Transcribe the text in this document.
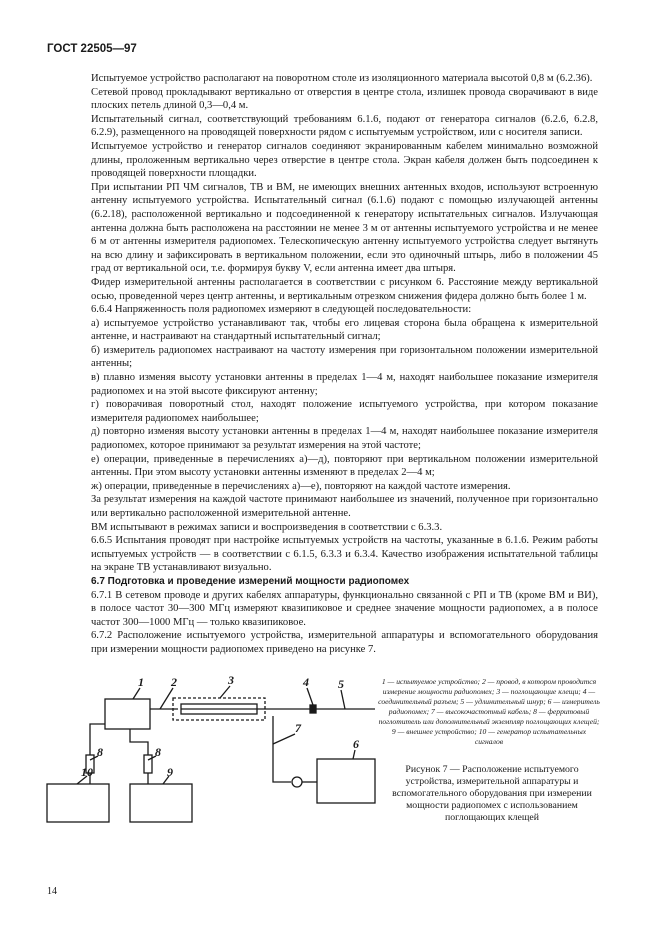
ГОСТ 22505—97

Испытуемое устройство располагают на поворотном столе из изоляционного материала высотой 0,8 м (6.2.36).

Сетевой провод прокладывают вертикально от отверстия в центре стола, излишек провода сворачивают в виде плоских петель длиной 0,3—0,4 м.

Испытательный сигнал, соответствующий требованиям 6.1.6, подают от генератора сигналов (6.2.6, 6.2.8, 6.2.9), размещенного на проводящей поверхности рядом с испытуемым устройством, или с носителя записи.

Испытуемое устройство и генератор сигналов соединяют экранированным кабелем минимально возможной длины, проложенным вертикально через отверстие в центре стола. Экран кабеля должен быть подсоединен к проводящей поверхности площадки.

При испытании РП ЧМ сигналов, ТВ и ВМ, не имеющих внешних антенных входов, используют встроенную антенну испытуемого устройства. Испытательный сигнал (6.1.6) подают с помощью излучающей антенны (6.2.18), расположенной вертикально и подсоединенной к генератору испытательных сигналов. Излучающая антенна должна быть расположена на расстоянии не менее 3 м от антенны испытуемого устройства и не менее 6 м от антенны измерителя радиопомех. Телескопическую антенну испытуемого устройства следует вытянуть на всю длину и зафиксировать в вертикальном положении, если это одиночный штырь, либо в положении 45 град от вертикальной оси, т.е. формируя букву V, если антенна имеет два штыря.

Фидер измерительной антенны располагается в соответствии с рисунком 6. Расстояние между вертикальной осью, проведенной через центр антенны, и вертикальным отрезком снижения фидера должно быть более 1 м.

6.6.4 Напряженность поля радиопомех измеряют в следующей последовательности:

а) испытуемое устройство устанавливают так, чтобы его лицевая сторона была обращена к измерительной антенне, и настраивают на стандартный испытательный сигнал;

б) измеритель радиопомех настраивают на частоту измерения при горизонтальном положении измерительной антенны;

в) плавно изменяя высоту установки антенны в пределах 1—4 м, находят наибольшее показание измерителя радиопомех и на этой высоте фиксируют антенну;

г) поворачивая поворотный стол, находят положение испытуемого устройства, при котором показание измерителя радиопомех наибольшее;

д) повторно изменяя высоту установки антенны в пределах 1—4 м, находят наибольшее показание измерителя радиопомех, которое принимают за результат измерения на этой частоте;

е) операции, приведенные в перечислениях а)—д), повторяют при вертикальном положении измерительной антенны. При этом высоту установки антенны изменяют в пределах 2—4 м;

ж) операции, приведенные в перечислениях а)—е), повторяют на каждой частоте измерения.

За результат измерения на каждой частоте принимают наибольшее из значений, полученное при горизонтально или вертикально расположенной измерительной антенне.

ВМ испытывают в режимах записи и воспроизведения в соответствии с 6.3.3.

6.6.5 Испытания проводят при настройке испытуемых устройств на частоты, указанные в 6.1.6. Режим работы испытуемых устройств — в соответствии с 6.1.5, 6.3.3 и 6.3.4. Качество изображения испытательной таблицы на экране ТВ устанавливают визуально.

6.7 Подготовка и проведение измерений мощности радиопомех

6.7.1 В сетевом проводе и других кабелях аппаратуры, функционально связанной с РП и ТВ (кроме ВМ и ВИ), в полосе частот 30—300 МГц измеряют квазипиковое и среднее значение мощности радиопомех, а в полосе частот 300—1000 МГц — только квазипиковое.

6.7.2 Расположение испытуемого устройства, измерительной аппаратуры и вспомогательного оборудования при измерении мощности радиопомех приведено на рисунке 7.

1 2	3	4 5
6
7
8	8
9
10
1 — испытуемое устройство; 2 — провод, в котором проводится измерение мощности радиопомех; 3 — поглощающие клещи; 4 — соединительный разъем; 5 — удлинительный шнур; 6 — измеритель радиопомех; 7 — высокочастотный кабель; 8 — ферритовый поглотитель или дополнительный экземпляр поглощающих клещей; 9 — внешнее устройство; 10 — генератор испытательных сигналов
Рисунок 7 — Расположение испытуемого устройства, измерительной аппаратуры и вспомогательного оборудования при измерении мощности радиопомех с использованием поглощающих клещей
14
